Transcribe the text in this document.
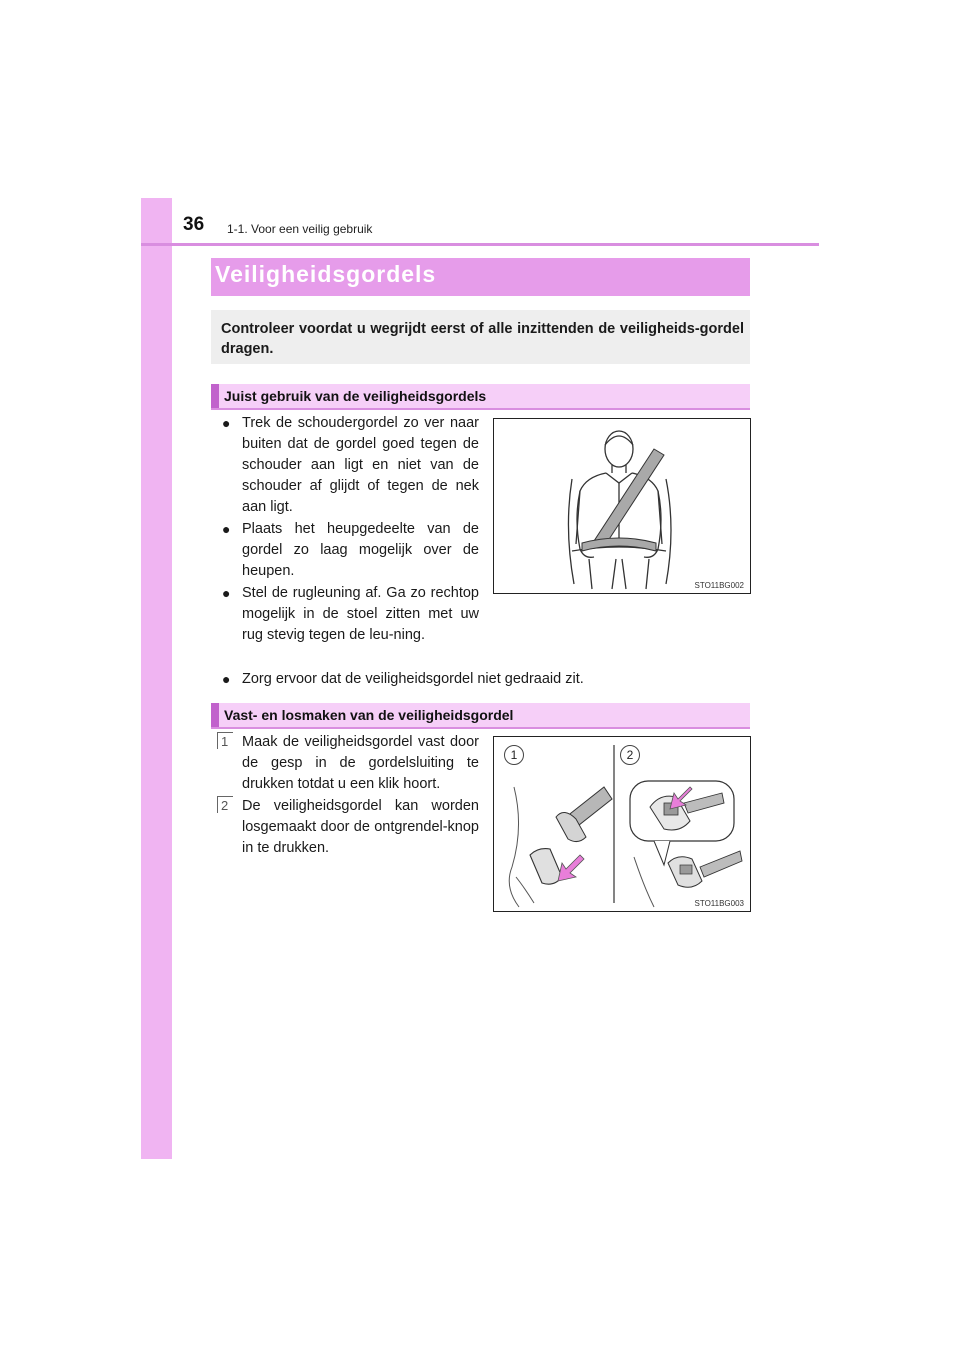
36 1-1. Voor een veilig gebruik
Veiligheidsgordels
Controleer voordat u wegrijdt eerst of alle inzittenden de veiligheids-gordel dragen.
Juist gebruik van de veiligheidsgordels
● Trek de schoudergordel zo ver naar buiten dat de gordel goed tegen de schouder aan ligt en niet van de schouder af glijdt of tegen de nek aan ligt.
● Plaats het heupgedeelte van de gordel zo laag mogelijk over de heupen.
● Stel de rugleuning af. Ga zo rechtop mogelijk in de stoel zitten met uw rug stevig tegen de leu-ning.
● Zorg ervoor dat de veiligheidsgordel niet gedraaid zit.
STO11BG002
Vast- en losmaken van de veiligheidsgordel
1 Maak de veiligheidsgordel vast door de gesp in de gordelsluiting te drukken totdat u een klik hoort.
2 De veiligheidsgordel kan worden losgemaakt door de ontgrendel-knop in te drukken.
1	2
STO11BG003
